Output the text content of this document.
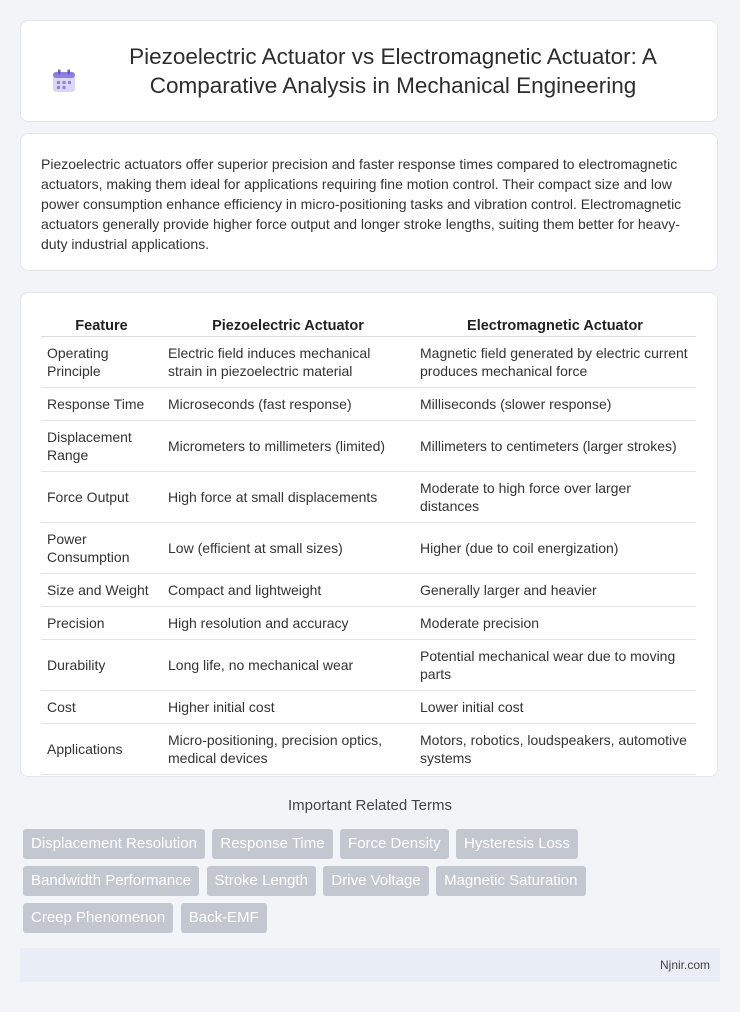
Piezoelectric Actuator vs Electromagnetic Actuator: A Comparative Analysis in Mechanical Engineering

Piezoelectric actuators offer superior precision and faster response times compared to electromagnetic actuators, making them ideal for applications requiring fine motion control. Their compact size and low power consumption enhance efficiency in micro-positioning tasks and vibration control. Electromagnetic actuators generally provide higher force output and longer stroke lengths, suiting them better for heavy-duty industrial applications.

Feature	Piezoelectric Actuator	Electromagnetic Actuator
Operating Principle	Electric field induces mechanical strain in piezoelectric material	Magnetic field generated by electric current produces mechanical force
Response Time	Microseconds (fast response)	Milliseconds (slower response)
Displacement Range	Micrometers to millimeters (limited)	Millimeters to centimeters (larger strokes)
Force Output	High force at small displacements	Moderate to high force over larger distances
Power Consumption	Low (efficient at small sizes)	Higher (due to coil energization)
Size and Weight	Compact and lightweight	Generally larger and heavier
Precision	High resolution and accuracy	Moderate precision
Durability	Long life, no mechanical wear	Potential mechanical wear due to moving parts
Cost	Higher initial cost	Lower initial cost
Applications	Micro-positioning, precision optics, medical devices	Motors, robotics, loudspeakers, automotive systems
Important Related Terms
Displacement Resolution Response Time Force Density Hysteresis Loss Bandwidth Performance Stroke Length Drive Voltage Magnetic Saturation Creep Phenomenon Back-EMF
Njnir.com
